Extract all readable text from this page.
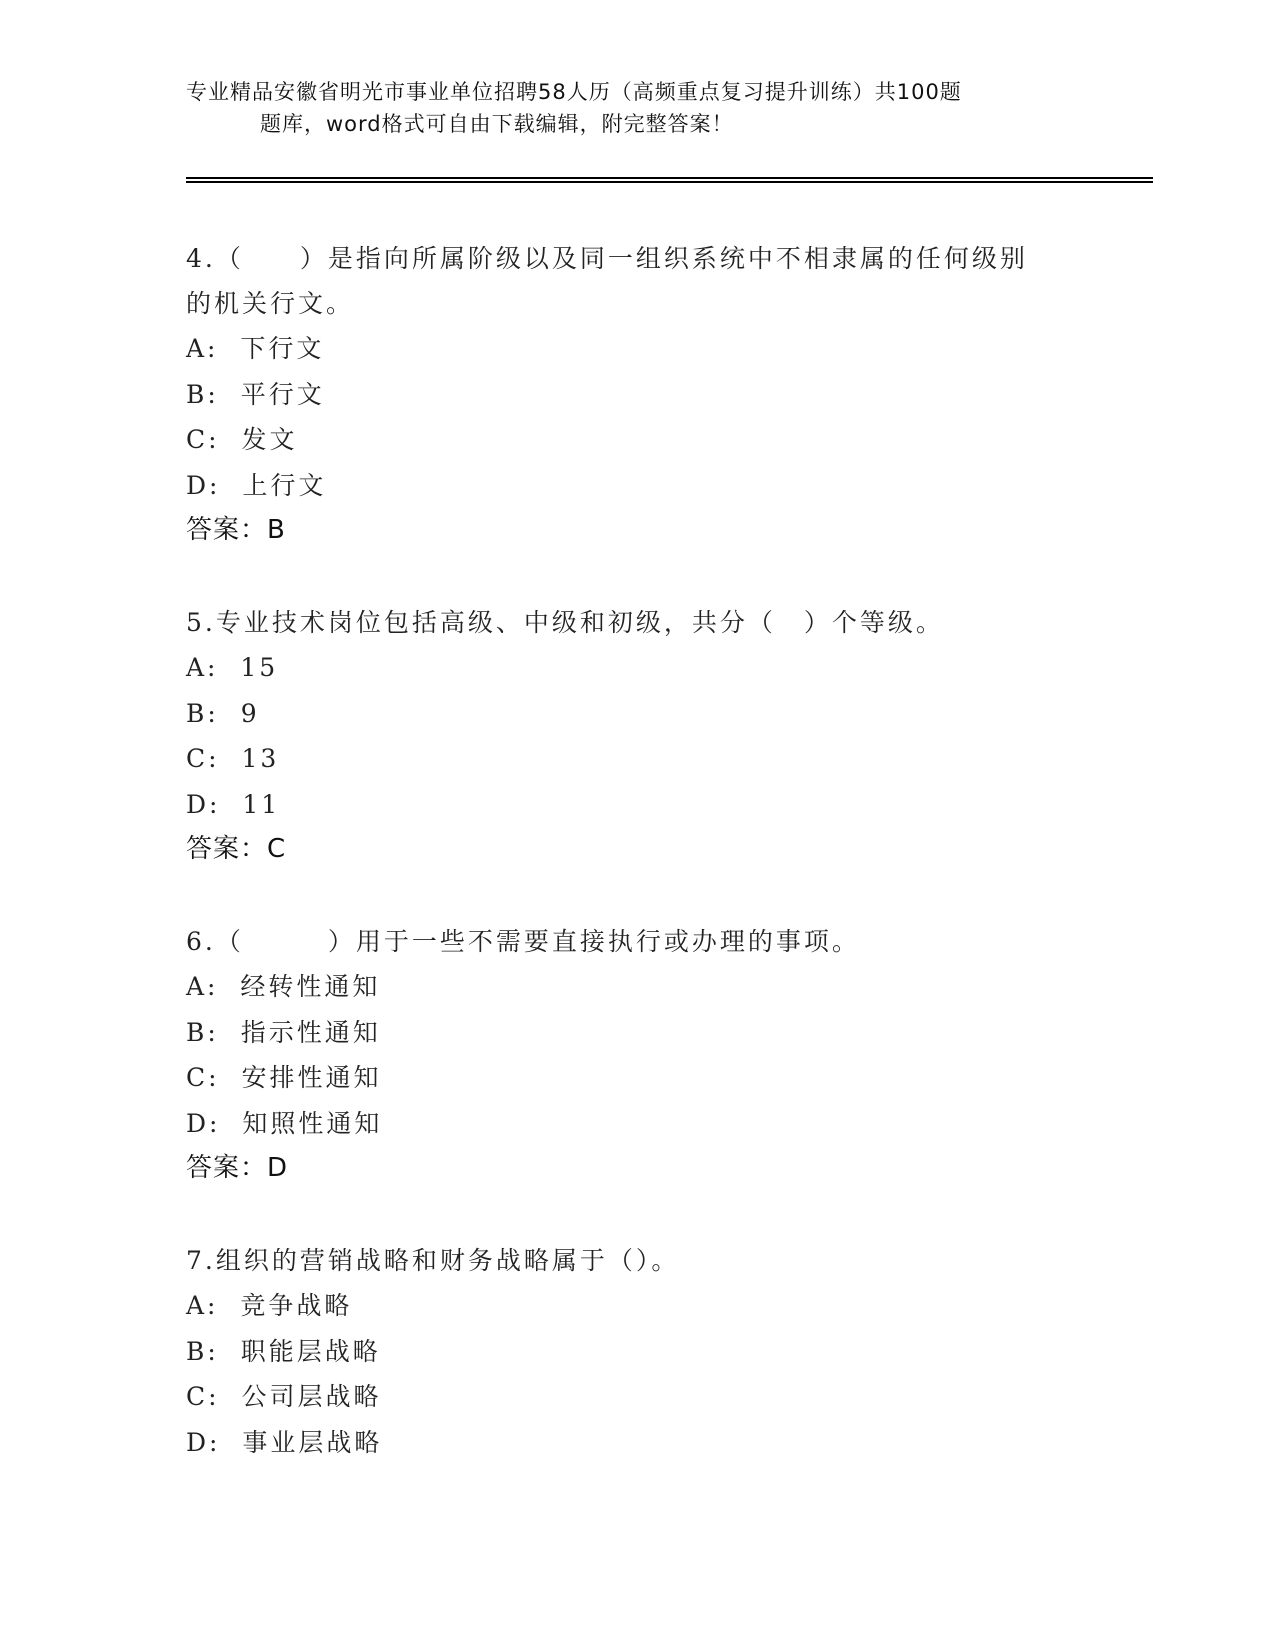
专业精品安徽省明光市事业单位招聘58人历（高频重点复习提升训练）共100题
题库，word格式可自由下载编辑，附完整答案！
4.（　　）是指向所属阶级以及同一组织系统中不相隶属的任何级别
的机关行文。
A:  下行文
B:  平行文
C:  发文
D:  上行文
答案：B
5.专业技术岗位包括高级、中级和初级，共分（　）个等级。
A:  15
B:  9
C:  13
D:  11
答案：C
6.（　　　）用于一些不需要直接执行或办理的事项。
A:  经转性通知
B:  指示性通知
C:  安排性通知
D:  知照性通知
答案：D
7.组织的营销战略和财务战略属于（）。
A:  竞争战略
B:  职能层战略
C:  公司层战略
D:  事业层战略
